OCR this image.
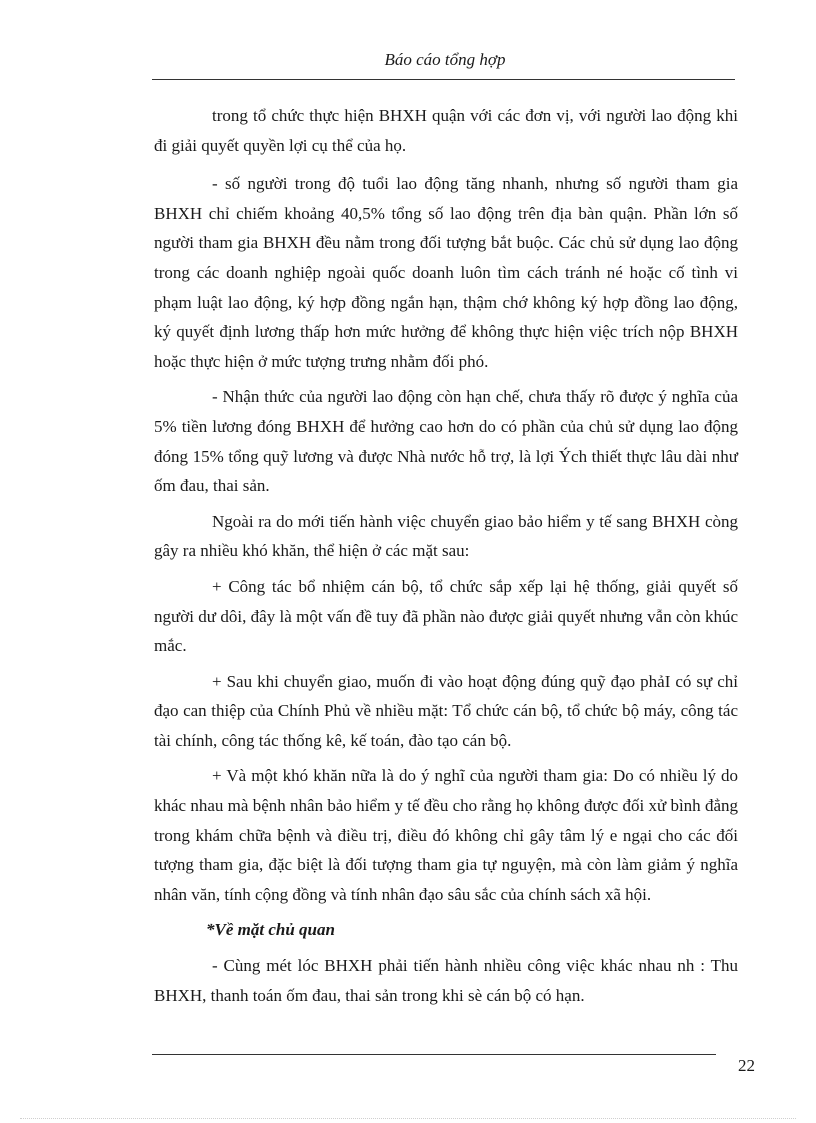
Báo cáo tổng hợp

trong tổ chức thực hiện BHXH quận với các đơn vị, với người lao động khi đi giải quyết quyền lợi cụ thể của họ.

- số người trong độ tuổi lao động tăng nhanh, nhưng số người tham gia BHXH chỉ chiếm khoảng 40,5% tổng số lao động trên địa bàn quận. Phần lớn số người tham gia BHXH đều nằm trong đối tượng bắt buộc. Các chủ sử dụng lao động trong các doanh nghiệp ngoài quốc doanh luôn tìm cách tránh né hoặc cố tình vi phạm luật lao động, ký hợp đồng ngắn hạn, thậm chớ không ký hợp đồng lao động, ký quyết định lương thấp hơn mức hưởng để không thực hiện việc trích nộp BHXH hoặc thực hiện ở mức tượng trưng nhằm đối phó.

- Nhận thức của người lao động còn hạn chế, chưa thấy rõ được ý nghĩa của 5% tiền lương đóng BHXH để hưởng cao hơn do có phần của chủ sử dụng lao động đóng 15% tổng quỹ lương và được Nhà nước hỗ trợ, là lợi Ých thiết thực lâu dài như ốm đau, thai sản.

Ngoài ra do mới tiến hành việc chuyển giao bảo hiểm y tế sang BHXH còng gây ra nhiều khó khăn, thể hiện ở các mặt sau:

+ Công tác bổ nhiệm cán bộ, tổ chức sắp xếp lại hệ thống, giải quyết số người dư dôi, đây là một vấn đề tuy đã phần nào được giải quyết nhưng vẫn còn khúc mắc.

+ Sau khi chuyển giao, muốn đi vào hoạt động đúng quỹ đạo phảI có sự chỉ đạo can thiệp của Chính Phủ về nhiều mặt: Tổ chức cán bộ, tổ chức bộ máy, công tác tài chính, công tác thống kê, kế toán, đào tạo cán bộ.

+ Và một khó khăn nữa là do ý nghĩ của người tham gia: Do có nhiều lý do khác nhau mà bệnh nhân bảo hiểm y tế đều cho rằng họ không được đối xử bình đẳng trong khám chữa bệnh và điều trị, điều đó không chỉ gây tâm lý e ngại cho các đối tượng tham gia, đặc biệt là đối tượng tham gia tự nguyện, mà còn làm giảm ý nghĩa nhân văn, tính cộng đồng và tính nhân đạo sâu sắc của chính sách xã hội.

*Về mặt chủ quan

- Cùng mét lóc BHXH phải tiến hành nhiều công việc khác nhau nh : Thu BHXH, thanh toán ốm đau, thai sản trong khi sè cán bộ có hạn.

22
